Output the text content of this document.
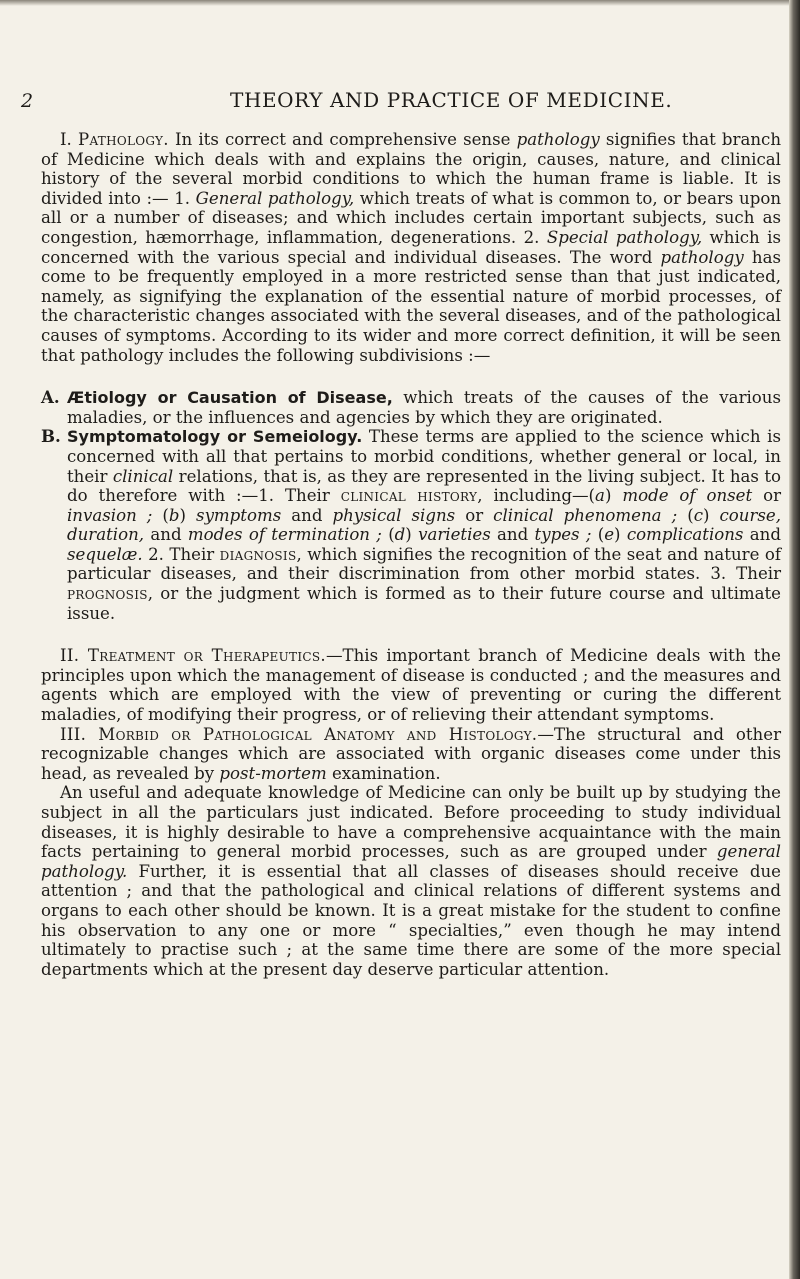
2	THEORY AND PRACTICE OF MEDICINE.

I. Pathology. In its correct and comprehensive sense pathology signifies that branch of Medicine which deals with and explains the origin, causes, nature, and clinical history of the several morbid conditions to which the human frame is liable. It is divided into :— 1. General pathology, which treats of what is common to, or bears upon all or a number of diseases; and which includes certain important subjects, such as congestion, hæmorrhage, inflammation, degenerations. 2. Special pathology, which is concerned with the various special and individual diseases. The word pathology has come to be frequently employed in a more restricted sense than that just indicated, namely, as signifying the explanation of the essential nature of morbid processes, of the characteristic changes associated with the several diseases, and of the pathological causes of symptoms. According to its wider and more correct definition, it will be seen that pathology includes the following subdivisions :—

A. Ætiology or Causation of Disease, which treats of the causes of the various maladies, or the influences and agencies by which they are originated.

B. Symptomatology or Semeiology. These terms are applied to the science which is concerned with all that pertains to morbid conditions, whether general or local, in their clinical relations, that is, as they are represented in the living subject. It has to do therefore with :—1. Their clinical history, including—(a) mode of onset or invasion ; (b) symptoms and physical signs or clinical phenomena ; (c) course, duration, and modes of termination ; (d) varieties and types ; (e) complications and sequelæ. 2. Their diagnosis, which signifies the recognition of the seat and nature of particular diseases, and their discrimination from other morbid states. 3. Their prognosis, or the judgment which is formed as to their future course and ultimate issue.

II. Treatment or Therapeutics.—This important branch of Medicine deals with the principles upon which the management of disease is conducted ; and the measures and agents which are employed with the view of preventing or curing the different maladies, of modifying their progress, or of relieving their attendant symptoms.

III. Morbid or Pathological Anatomy and Histology.—The structural and other recognizable changes which are associated with organic diseases come under this head, as revealed by post-mortem examination.

An useful and adequate knowledge of Medicine can only be built up by studying the subject in all the particulars just indicated. Before proceeding to study individual diseases, it is highly desirable to have a comprehensive acquaintance with the main facts pertaining to general morbid processes, such as are grouped under general pathology. Further, it is essential that all classes of diseases should receive due attention ; and that the pathological and clinical relations of different systems and organs to each other should be known. It is a great mistake for the student to confine his observation to any one or more “ specialties,” even though he may intend ultimately to practise such ; at the same time there are some of the more special departments which at the present day deserve particular attention.
